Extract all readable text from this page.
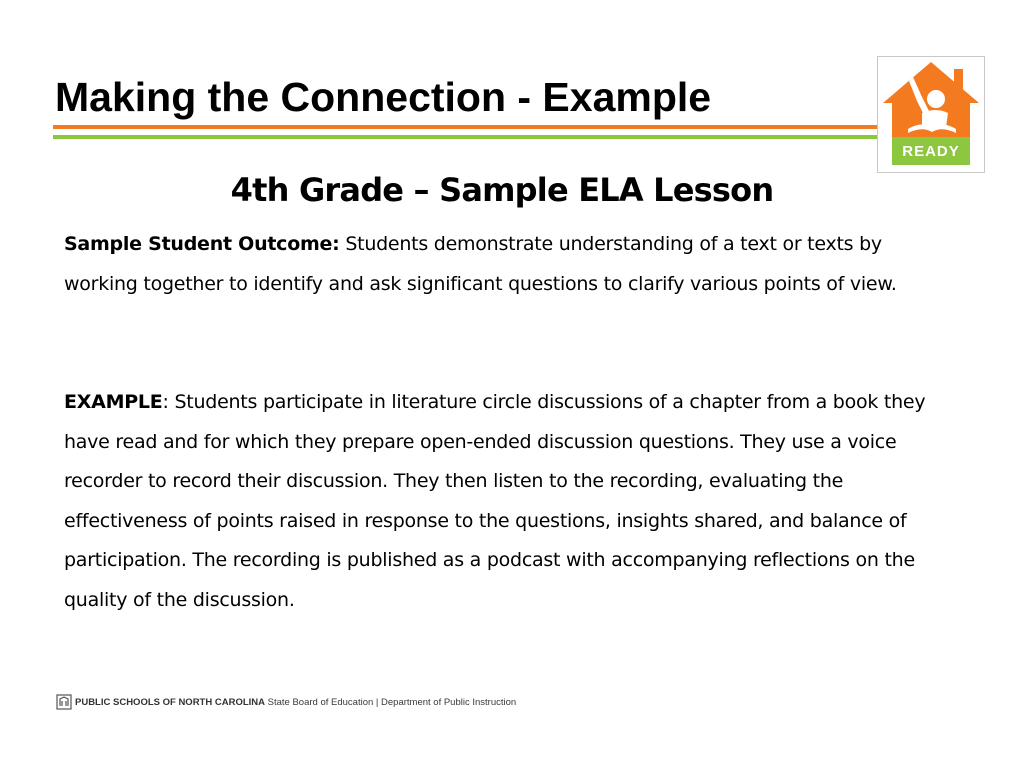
Making the Connection - Example
READY
4th Grade – Sample ELA Lesson

Sample Student Outcome: Students demonstrate understanding of a text or texts by working together to identify and ask significant questions to clarify various points of view.

EXAMPLE: Students participate in literature circle discussions of a chapter from a book they have read and for which they prepare open-ended discussion questions. They use a voice recorder to record their discussion. They then listen to the recording, evaluating the effectiveness of points raised in response to the questions, insights shared, and balance of participation. The recording is published as a podcast with accompanying reflections on the quality of the discussion.

PUBLIC SCHOOLS OF NORTH CAROLINA State Board of Education | Department of Public Instruction
